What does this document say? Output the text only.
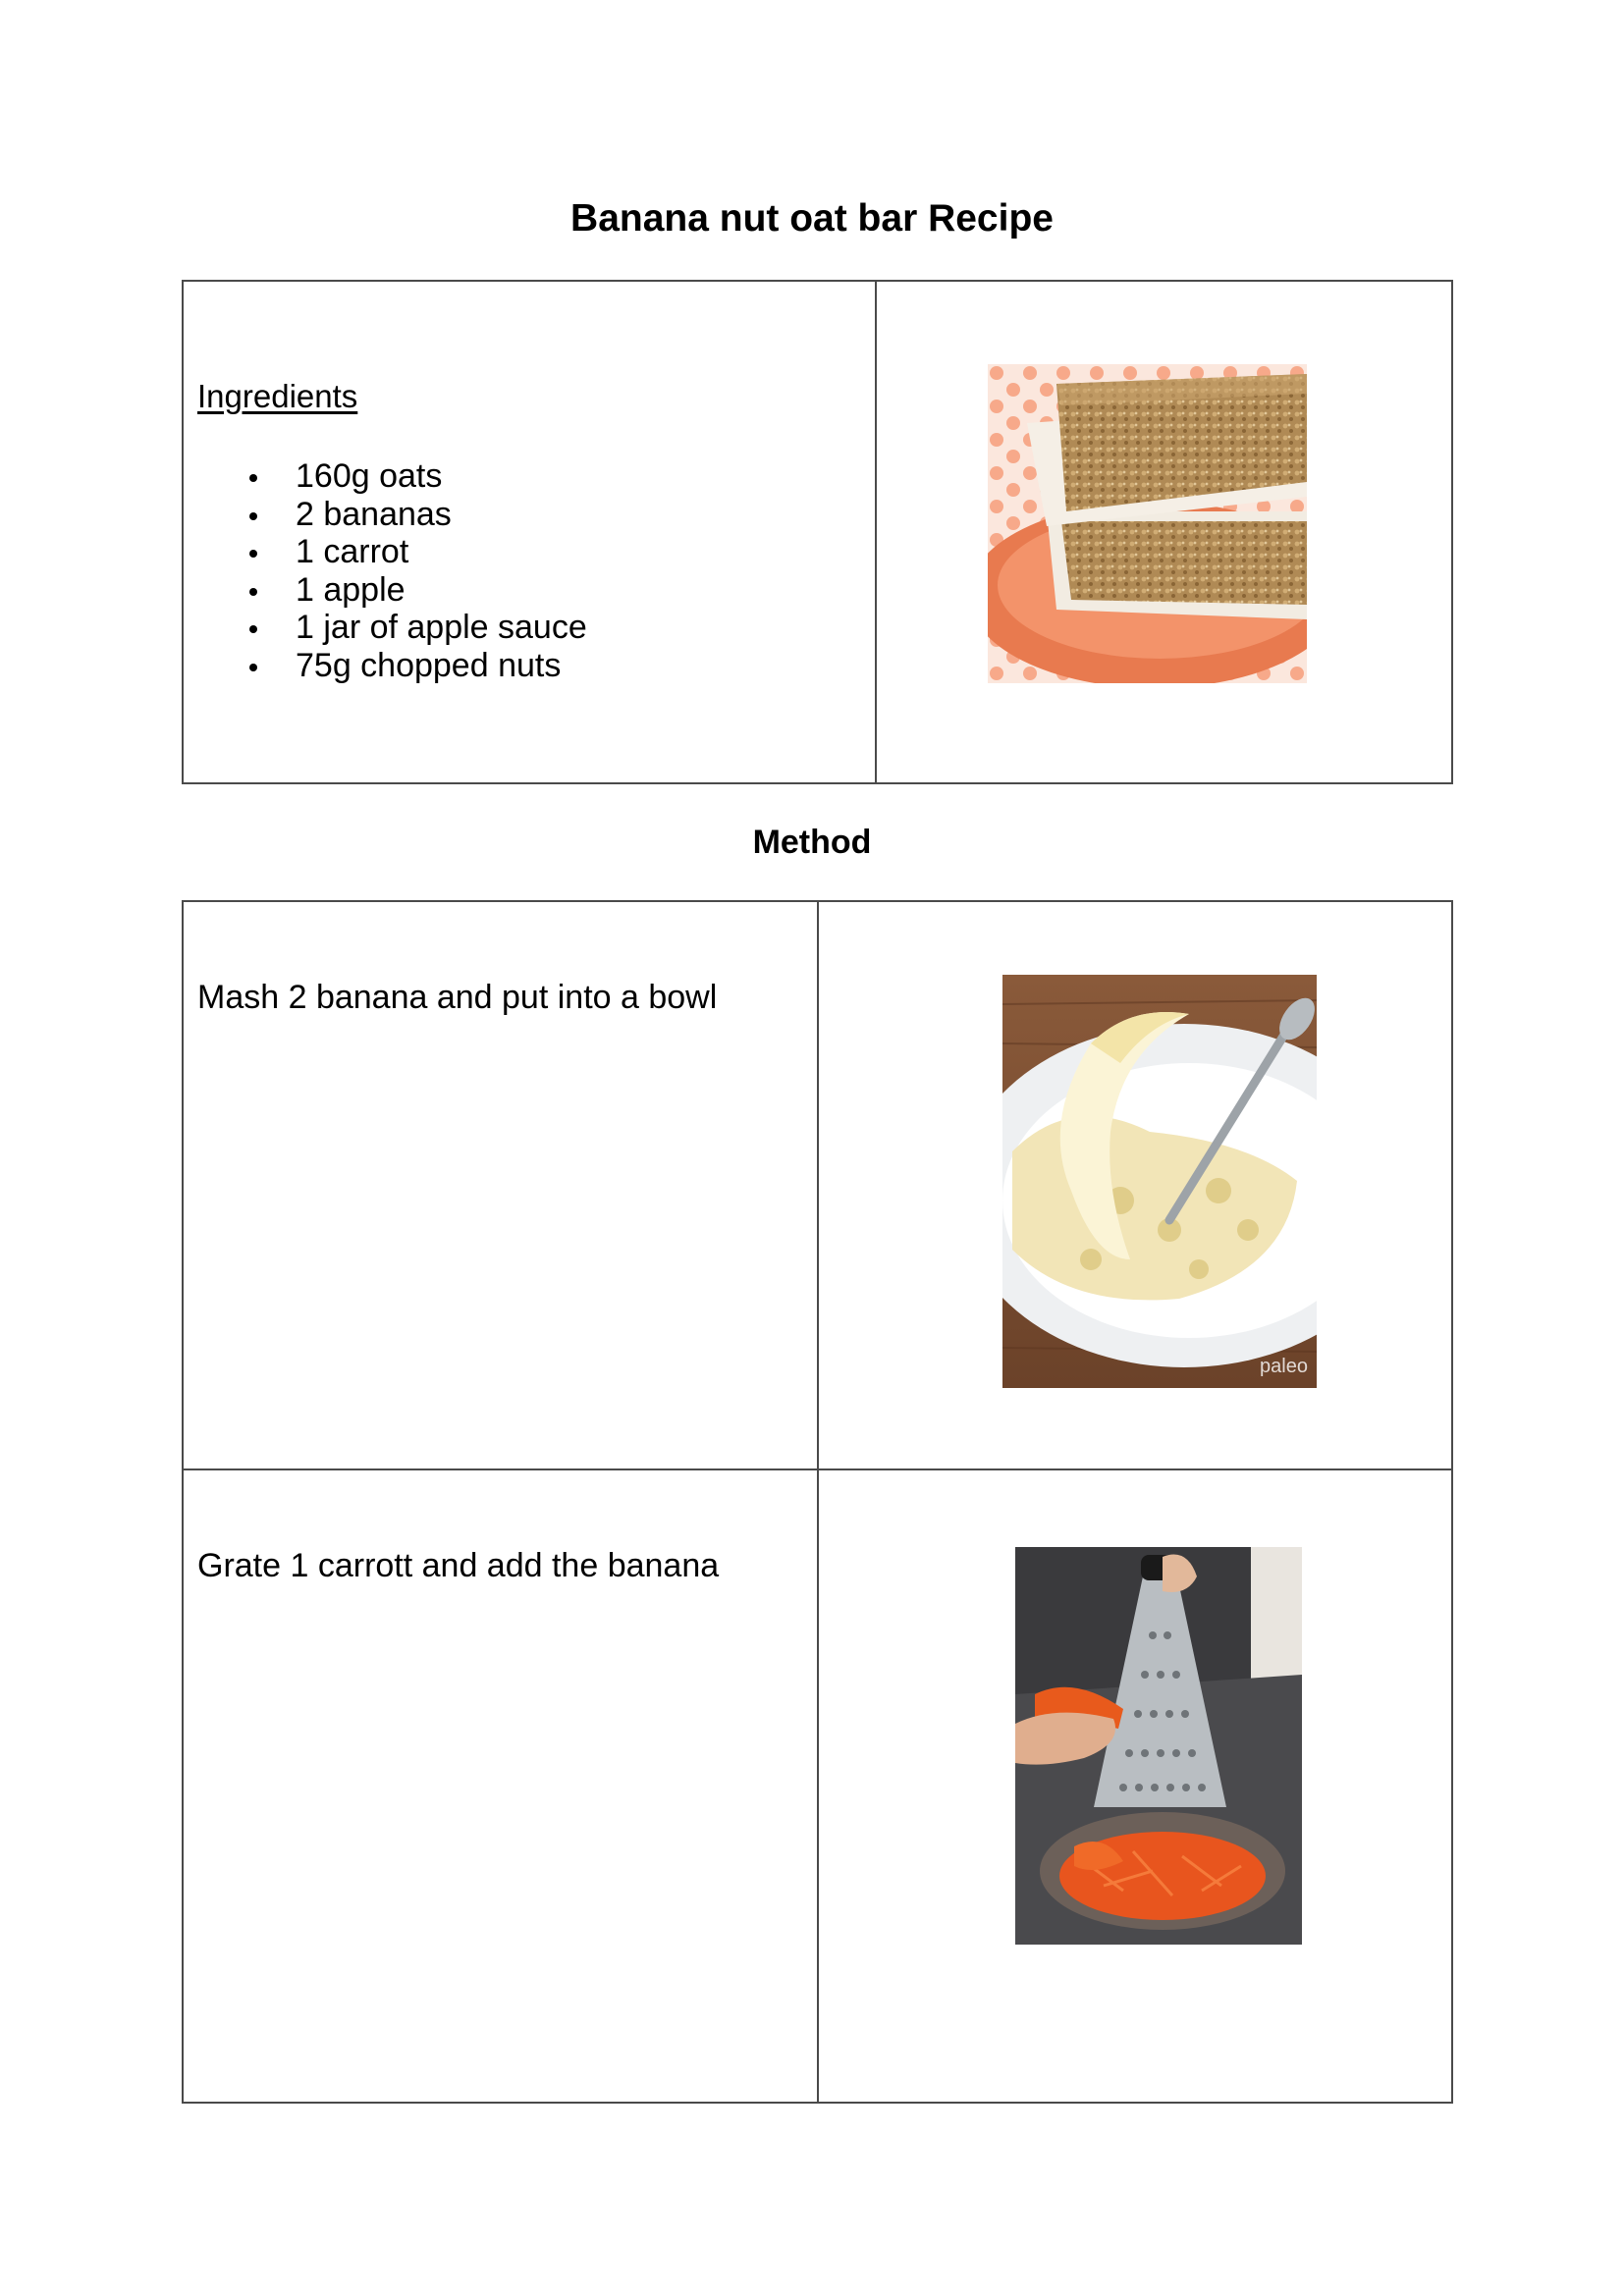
Banana nut oat bar Recipe

Ingredients

160g oats
2 bananas
1 carrot
1 apple
1 jar of apple sauce
75g chopped nuts
Method

Mash 2 banana and put into a bowl

paleo

Grate 1 carrott and add the banana
